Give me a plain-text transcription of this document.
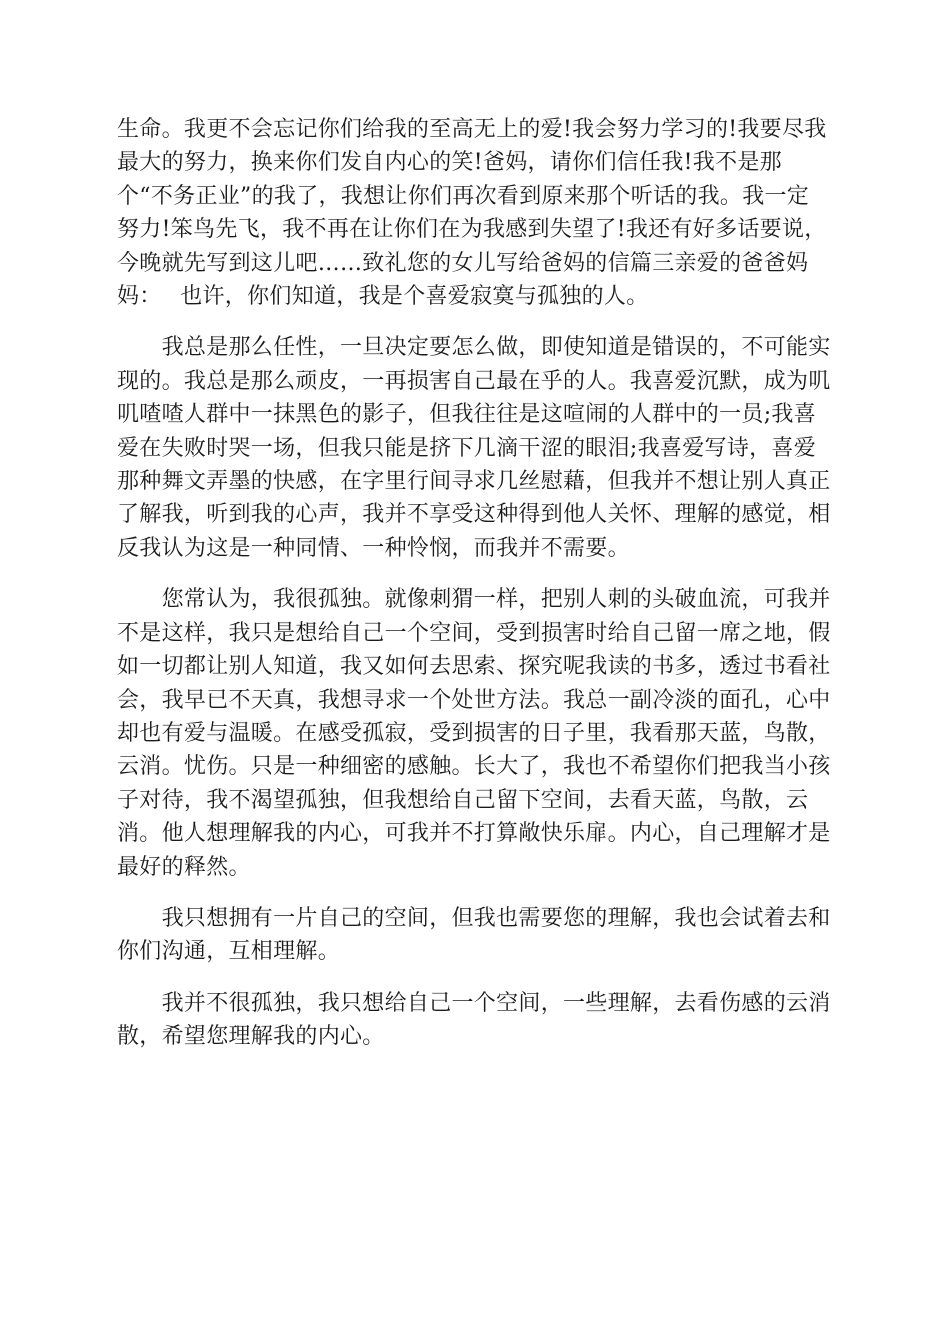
生命。我更不会忘记你们给我的至高无上的爱!我会努力学习的!我要尽我
最大的努力，换来你们发自内心的笑!爸妈，请你们信任我!我不是那
个“不务正业”的我了，我想让你们再次看到原来那个听话的我。我一定
努力!笨鸟先飞，我不再在让你们在为我感到失望了!我还有好多话要说，
今晚就先写到这儿吧……致礼您的女儿写给爸妈的信篇三亲爱的爸爸妈
妈：　 也许，你们知道，我是个喜爱寂寞与孤独的人。
　　我总是那么任性，一旦决定要怎么做，即使知道是错误的，不可能实
现的。我总是那么顽皮，一再损害自己最在乎的人。我喜爱沉默，成为叽
叽喳喳人群中一抹黑色的影子，但我往往是这喧闹的人群中的一员;我喜
爱在失败时哭一场，但我只能是挤下几滴干涩的眼泪;我喜爱写诗，喜爱
那种舞文弄墨的快感，在字里行间寻求几丝慰藉，但我并不想让别人真正
了解我，听到我的心声，我并不享受这种得到他人关怀、理解的感觉，相
反我认为这是一种同情、一种怜悯，而我并不需要。
　　您常认为，我很孤独。就像刺猬一样，把别人刺的头破血流，可我并
不是这样，我只是想给自己一个空间，受到损害时给自己留一席之地，假
如一切都让别人知道，我又如何去思索、探究呢我读的书多，透过书看社
会，我早已不天真，我想寻求一个处世方法。我总一副冷淡的面孔，心中
却也有爱与温暖。在感受孤寂，受到损害的日子里，我看那天蓝，鸟散，
云消。忧伤。只是一种细密的感触。长大了，我也不希望你们把我当小孩
子对待，我不渴望孤独，但我想给自己留下空间，去看天蓝，鸟散，云
消。他人想理解我的内心，可我并不打算敞快乐扉。内心，自己理解才是
最好的释然。
　　我只想拥有一片自己的空间，但我也需要您的理解，我也会试着去和
你们沟通，互相理解。
　　我并不很孤独，我只想给自己一个空间，一些理解，去看伤感的云消
散，希望您理解我的内心。
